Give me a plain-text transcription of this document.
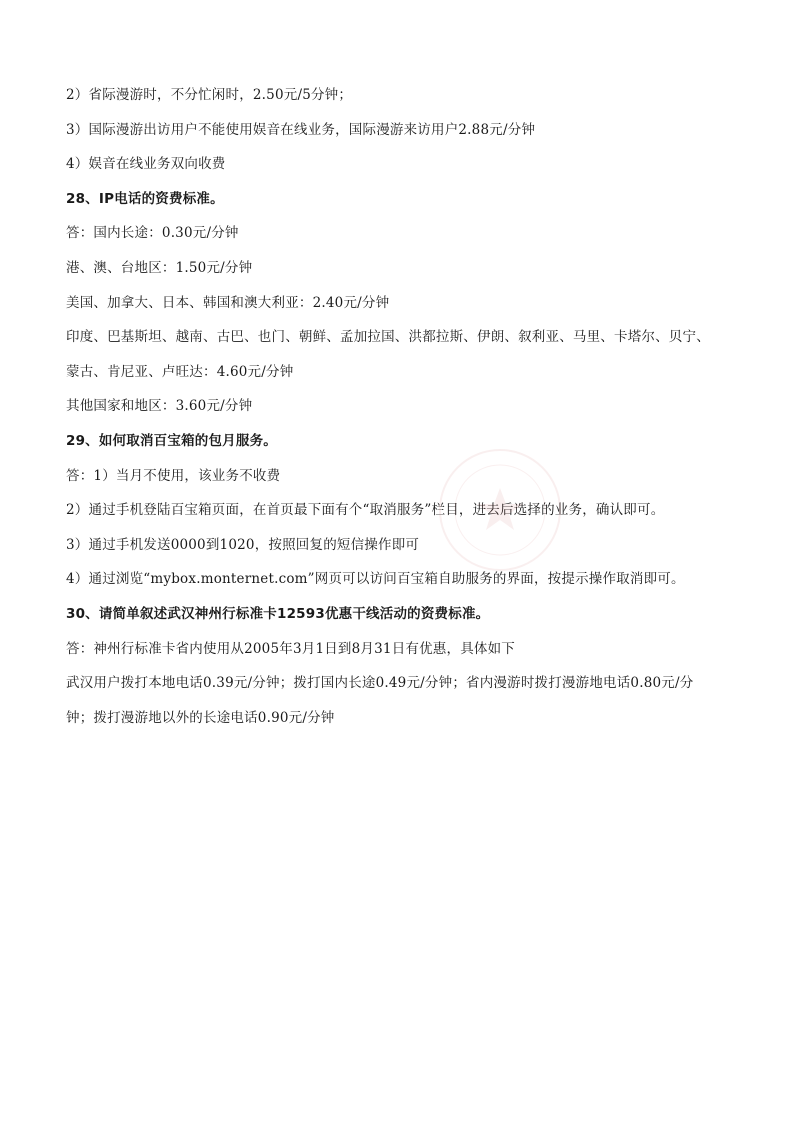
2）省际漫游时，不分忙闲时，2.50元/5分钟；
3）国际漫游出访用户不能使用娱音在线业务，国际漫游来访用户2.88元/分钟
4）娱音在线业务双向收费
28、IP电话的资费标准。
答：国内长途：0.30元/分钟
港、澳、台地区：1.50元/分钟
美国、加拿大、日本、韩国和澳大利亚：2.40元/分钟
印度、巴基斯坦、越南、古巴、也门、朝鲜、孟加拉国、洪都拉斯、伊朗、叙利亚、马里、卡塔尔、贝宁、
蒙古、肯尼亚、卢旺达：4.60元/分钟
其他国家和地区：3.60元/分钟
29、如何取消百宝箱的包月服务。
答：1）当月不使用，该业务不收费
2）通过手机登陆百宝箱页面，在首页最下面有个“取消服务”栏目，进去后选择的业务，确认即可。
3）通过手机发送0000到1020，按照回复的短信操作即可
4）通过浏览“mybox.monternet.com”网页可以访问百宝箱自助服务的界面，按提示操作取消即可。
30、请简单叙述武汉神州行标准卡12593优惠干线活动的资费标准。
答：神州行标准卡省内使用从2005年3月1日到8月31日有优惠，具体如下
武汉用户拨打本地电话0.39元/分钟；拨打国内长途0.49元/分钟；省内漫游时拨打漫游地电话0.80元/分
钟；拨打漫游地以外的长途电话0.90元/分钟
